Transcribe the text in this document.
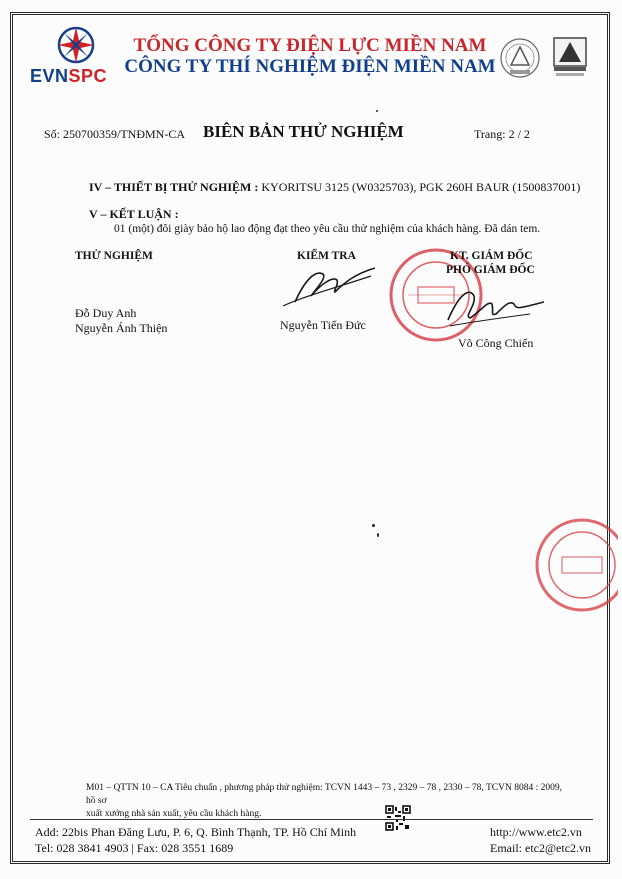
EVNSPC
TỔNG CÔNG TY ĐIỆN LỰC MIỀN NAM
CÔNG TY THÍ NGHIỆM ĐIỆN MIỀN NAM
Số: 250700359/TNĐMN-CA BIÊN BẢN THỬ NGHIỆM	Trang: 2 / 2
IV – THIẾT BỊ THỬ NGHIỆM : KYORITSU 3125 (W0325703), PGK 260H BAUR (1500837001)
V – KẾT LUẬN :
01 (một) đôi giày bảo hộ lao động đạt theo yêu cầu thử nghiệm của khách hàng. Đã dán tem.
THỬ NGHIỆM
Đỗ Duy Anh
Nguyễn Ánh Thiện
KIỂM TRA
Nguyễn Tiến Đức
KT. GIÁM ĐỐC
PHÓ GIÁM ĐỐC
Võ Công Chiến
M01 – QTTN 10 – CA Tiêu chuẩn , phương pháp thử nghiệm: TCVN 1443 – 73 , 2329 – 78 , 2330 – 78, TCVN 8084 : 2009, hồ sơ
xuất xưởng nhà sản xuất, yêu cầu khách hàng.
Add: 22bis Phan Đăng Lưu, P. 6, Q. Bình Thạnh, TP. Hồ Chí Minh
Tel: 028 3841 4903 | Fax: 028 3551 1689
http://www.etc2.vn
Email: etc2@etc2.vn
